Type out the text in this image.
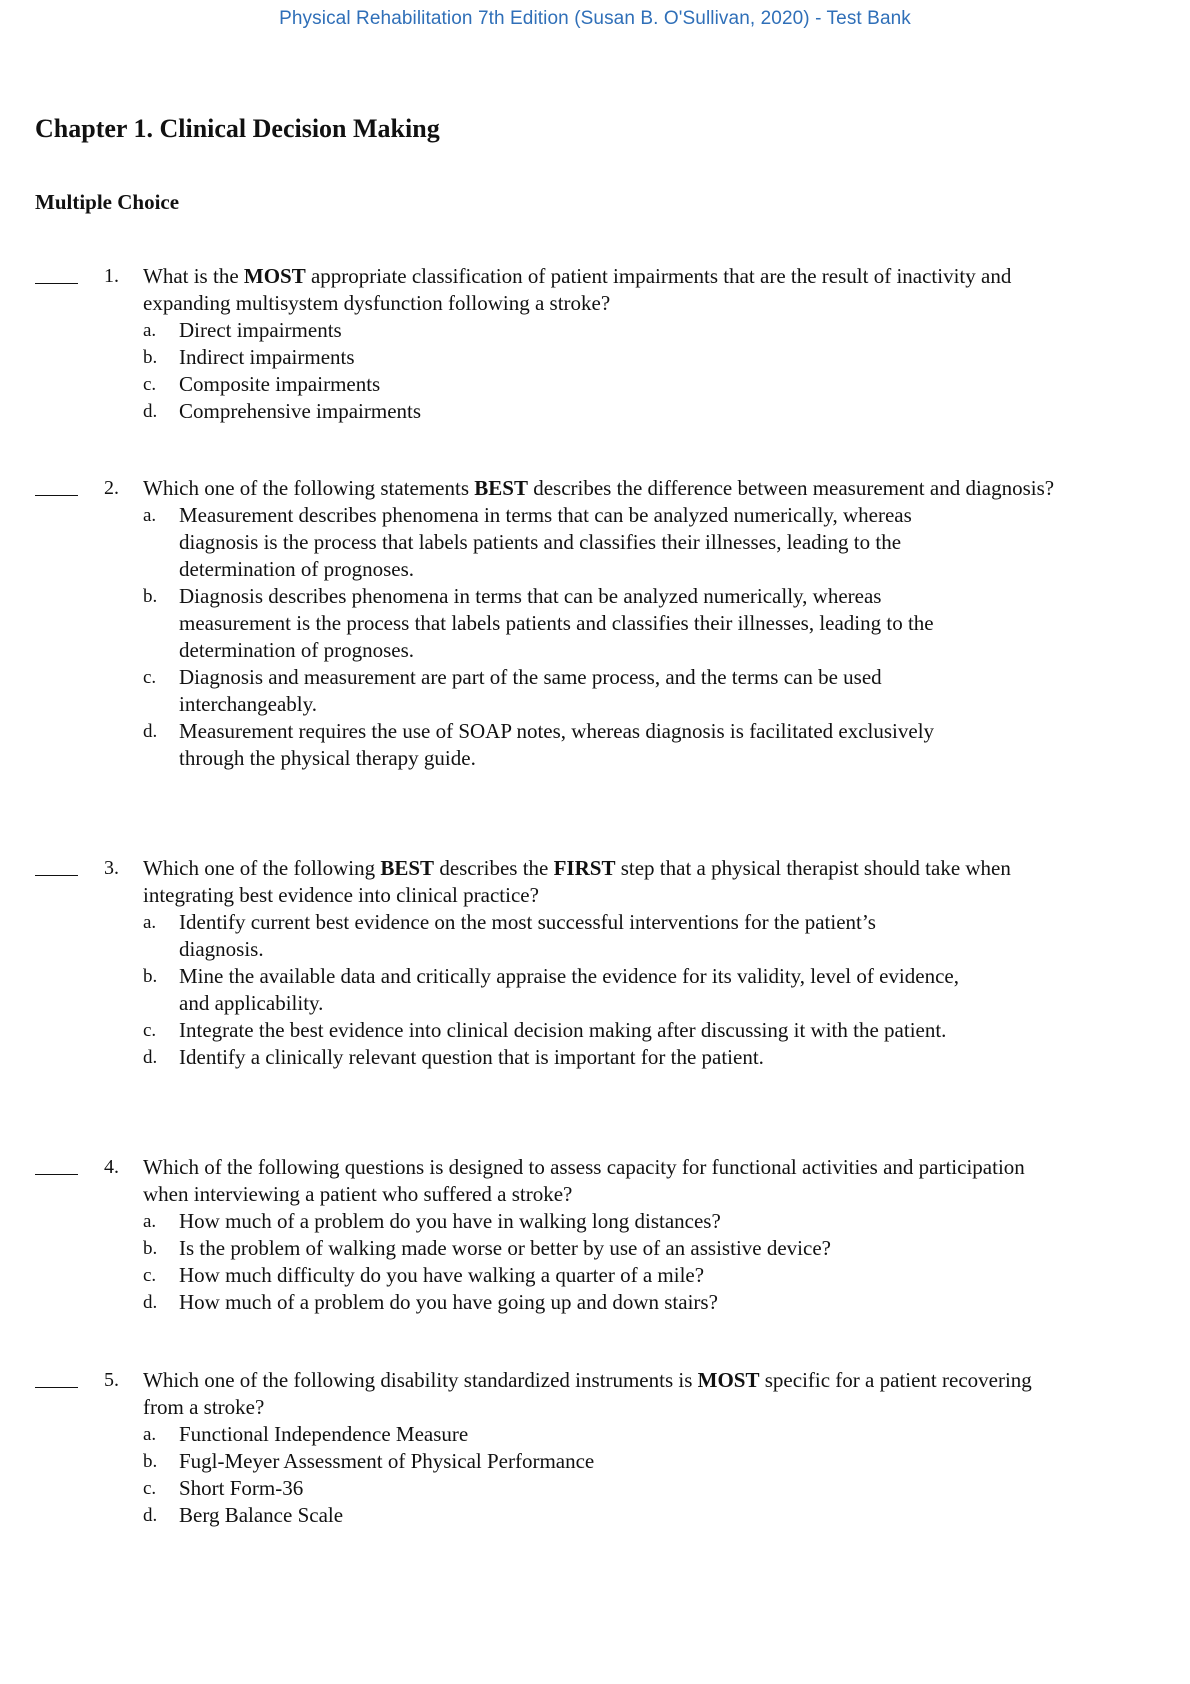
Physical Rehabilitation 7th Edition (Susan B. O'Sullivan, 2020) - Test Bank
Chapter 1. Clinical Decision Making
Multiple Choice
1.	What is the MOST appropriate classification of patient impairments that are the result of inactivity and expanding multisystem dysfunction following a stroke?
a. Direct impairments
b. Indirect impairments
c. Composite impairments
d. Comprehensive impairments
2.	Which one of the following statements BEST describes the difference between measurement and diagnosis?
a. Measurement describes phenomena in terms that can be analyzed numerically, whereas diagnosis is the process that labels patients and classifies their illnesses, leading to the determination of prognoses.
b. Diagnosis describes phenomena in terms that can be analyzed numerically, whereas measurement is the process that labels patients and classifies their illnesses, leading to the determination of prognoses.
c. Diagnosis and measurement are part of the same process, and the terms can be used interchangeably.
d. Measurement requires the use of SOAP notes, whereas diagnosis is facilitated exclusively through the physical therapy guide.
3.	Which one of the following BEST describes the FIRST step that a physical therapist should take when integrating best evidence into clinical practice?
a. Identify current best evidence on the most successful interventions for the patient’s diagnosis.
b. Mine the available data and critically appraise the evidence for its validity, level of evidence, and applicability.
c. Integrate the best evidence into clinical decision making after discussing it with the patient.
d. Identify a clinically relevant question that is important for the patient.
4.	Which of the following questions is designed to assess capacity for functional activities and participation when interviewing a patient who suffered a stroke?
a. How much of a problem do you have in walking long distances?
b. Is the problem of walking made worse or better by use of an assistive device?
c. How much difficulty do you have walking a quarter of a mile?
d. How much of a problem do you have going up and down stairs?
5.	Which one of the following disability standardized instruments is MOST specific for a patient recovering from a stroke?
a. Functional Independence Measure
b. Fugl-Meyer Assessment of Physical Performance
c. Short Form-36
d. Berg Balance Scale
